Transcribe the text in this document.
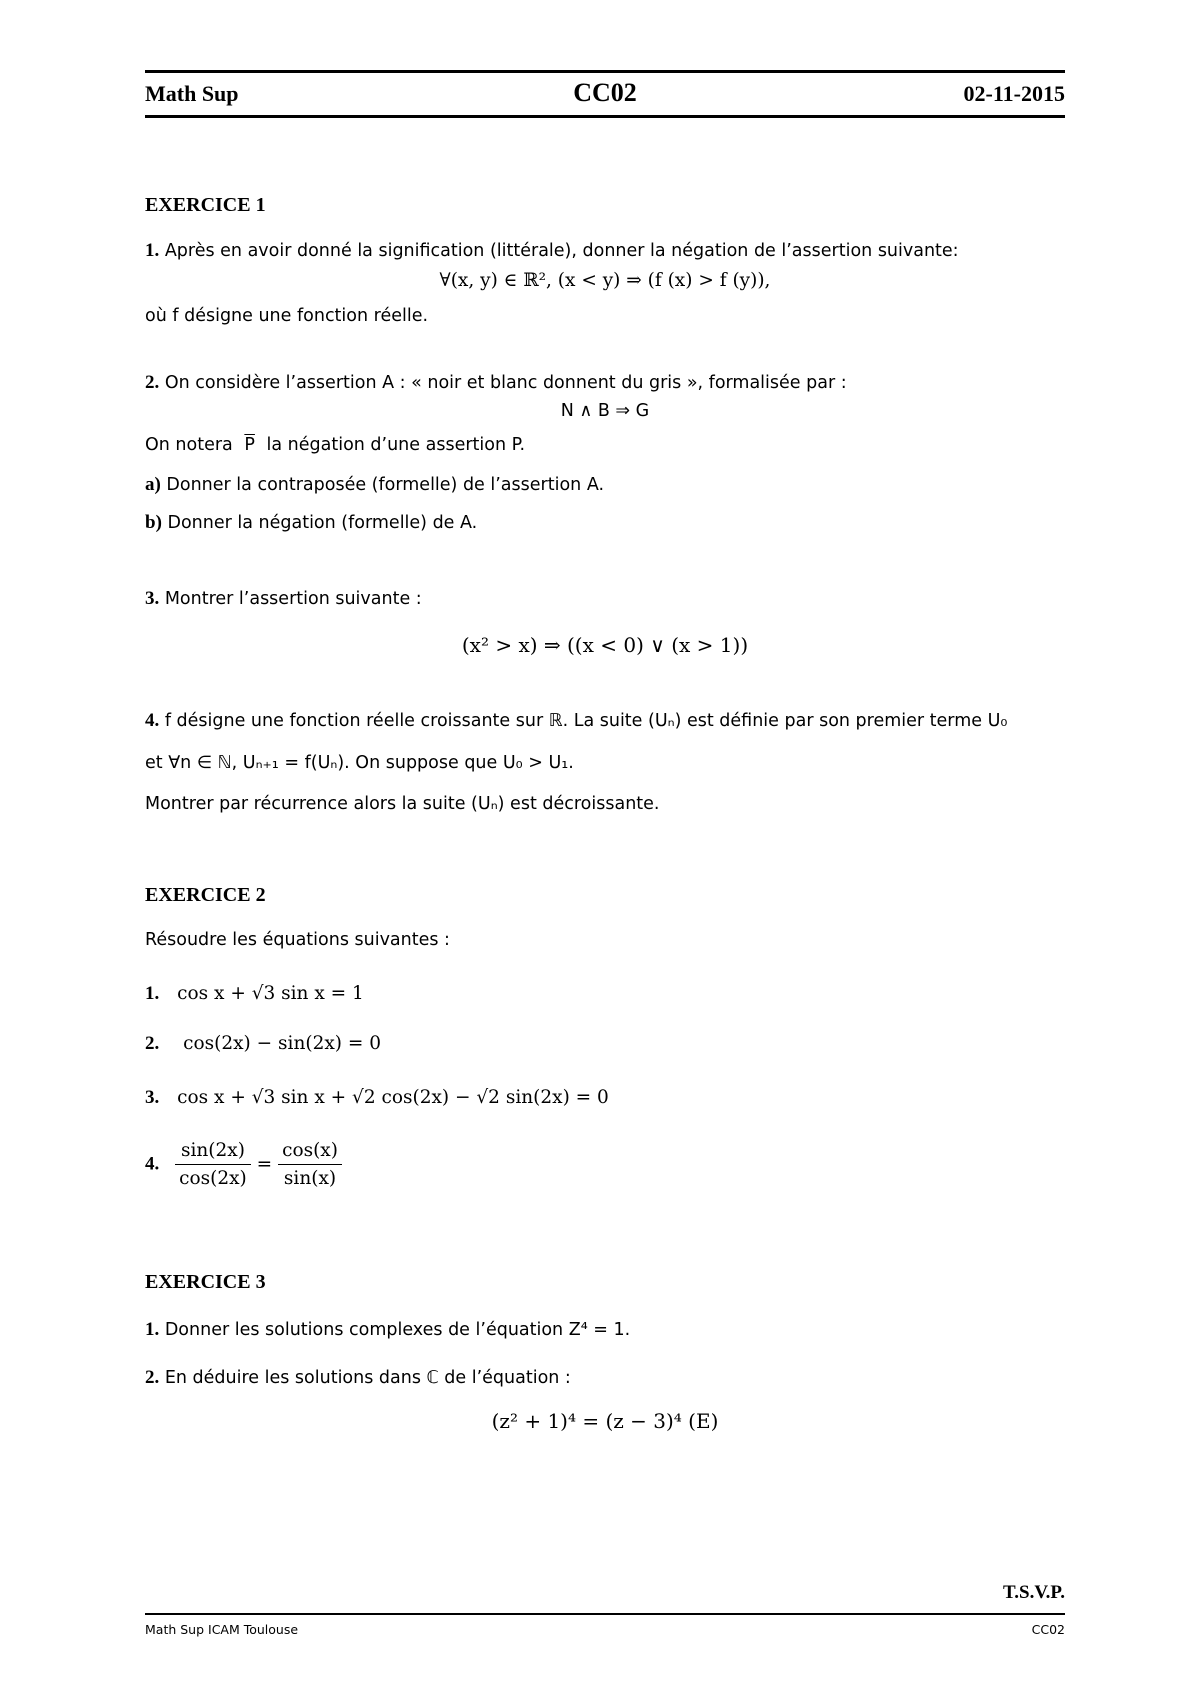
Math Sup	CC02	02-11-2015
EXERCICE 1
1. Après en avoir donné la signification (littérale), donner la négation de l’assertion suivante:
∀(x, y) ∈ ℝ², (x < y) ⇒ (f (x) > f (y)),
où f désigne une fonction réelle.
2. On considère l’assertion A : « noir et blanc donnent du gris », formalisée par :
N ∧ B ⇒ G
On notera $\overline{P}$ la négation d’une assertion P.
a) Donner la contraposée (formelle) de l’assertion A.
b) Donner la négation (formelle) de A.
3. Montrer l’assertion suivante :
(x² > x) ⇒ ((x < 0) ∨ (x > 1))
4. f désigne une fonction réelle croissante sur ℝ. La suite (Uₙ) est définie par son premier terme U₀
et ∀n ∈ ℕ, Uₙ₊₁ = f(Uₙ). On suppose que U₀ > U₁.
Montrer par récurrence alors la suite (Uₙ) est décroissante.
EXERCICE 2
Résoudre les équations suivantes :
1. cos x + √3 sin x = 1
2. cos(2x) − sin(2x) = 0
3. cos x + √3 sin x + √2 cos(2x) − √2 sin(2x) = 0
4. $\frac{\sin(2x)}{\cos(2x)} = \frac{\cos(x)}{\sin(x)}$
EXERCICE 3
1. Donner les solutions complexes de l’équation Z⁴ = 1.
2. En déduire les solutions dans ℂ de l’équation :
(z² + 1)⁴ = (z − 3)⁴ (E)
T.S.V.P.
Math Sup ICAM Toulouse	CC02
